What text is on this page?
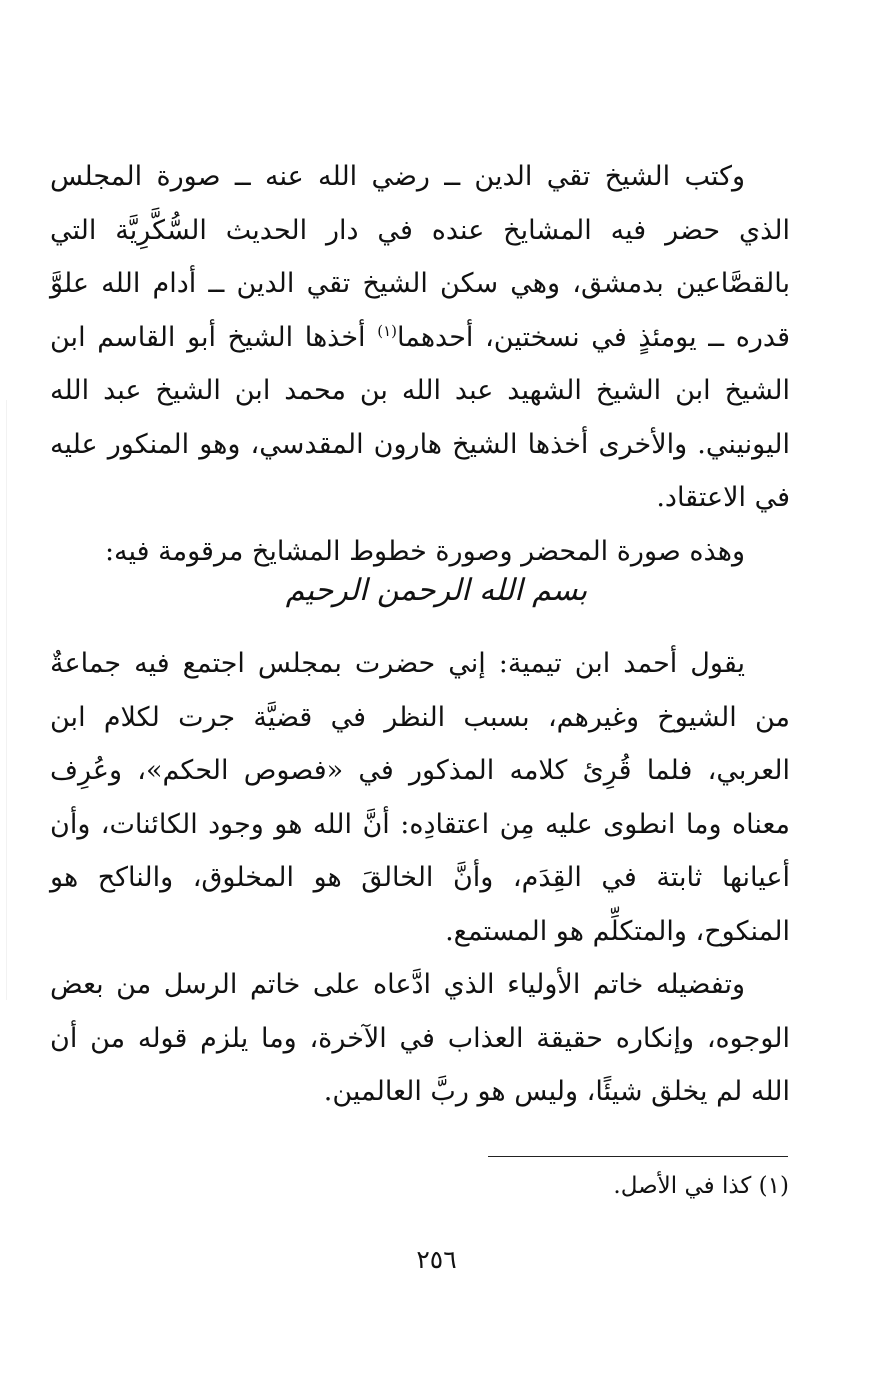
وكتب الشيخ تقي الدين ــ رضي الله عنه ــ صورة المجلس الذي حضر فيه المشايخ عنده في دار الحديث السُّكَّرِيَّة التي بالقصَّاعين بدمشق، وهي سكن الشيخ تقي الدين ــ أدام الله علوَّ قدره ــ يومئذٍ في نسختين، أحدهما$^{(١)}$ أخذها الشيخ أبو القاسم ابن الشيخ ابن الشيخ الشهيد عبد الله بن محمد ابن الشيخ عبد الله اليونيني. والأخرى أخذها الشيخ هارون المقدسي، وهو المنكور عليه في الاعتقاد.

وهذه صورة المحضر وصورة خطوط المشايخ مرقومة فيه:

بسم الله الرحمن الرحيم

يقول أحمد ابن تيمية: إني حضرت بمجلس اجتمع فيه جماعةٌ من الشيوخ وغيرهم، بسبب النظر في قضيَّة جرت لكلام ابن العربي، فلما قُرِئ كلامه المذكور في «فصوص الحكم»، وعُرِف معناه وما انطوى عليه مِن اعتقادِه: أنَّ الله هو وجود الكائنات، وأن أعيانها ثابتة في القِدَم، وأنَّ الخالقَ هو المخلوق، والناكح هو المنكوح، والمتكلِّم هو المستمع.

وتفضيله خاتم الأولياء الذي ادَّعاه على خاتم الرسل من بعض الوجوه، وإنكاره حقيقة العذاب في الآخرة، وما يلزم قوله من أن الله لم يخلق شيئًا، وليس هو ربَّ العالمين.

(١) كذا في الأصل.
٢٥٦
